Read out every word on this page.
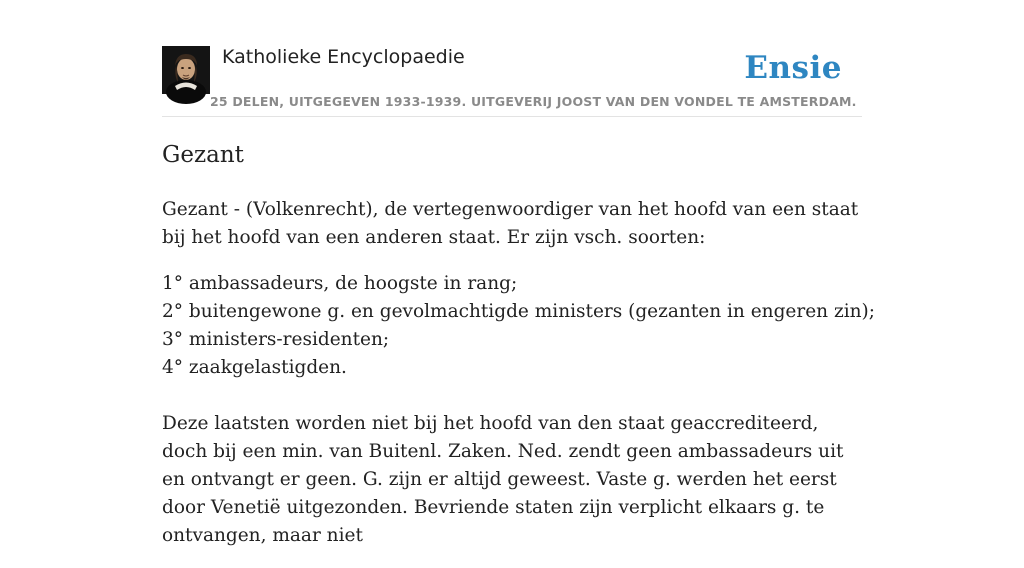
Katholieke Encyclopaedie
25 DELEN, UITGEGEVEN 1933-1939. UITGEVERIJ JOOST VAN DEN VONDEL TE AMSTERDAM.
Ensie
Gezant

Gezant - (Volkenrecht), de vertegenwoordiger van het hoofd van een staat bij het hoofd van een anderen staat. Er zijn vsch. soorten:

1° ambassadeurs, de hoogste in rang;
2° buitengewone g. en gevolmachtigde ministers (gezanten in engeren zin);
3° ministers-residenten;
4° zaakgelastigden.

Deze laatsten worden niet bij het hoofd van den staat geaccrediteerd, doch bij een min. van Buitenl. Zaken. Ned. zendt geen ambassadeurs uit en ontvangt er geen. G. zijn er altijd geweest. Vaste g. werden het eerst door Venetië uitgezonden. Bevriende staten zijn verplicht elkaars g. te ontvangen, maar niet
